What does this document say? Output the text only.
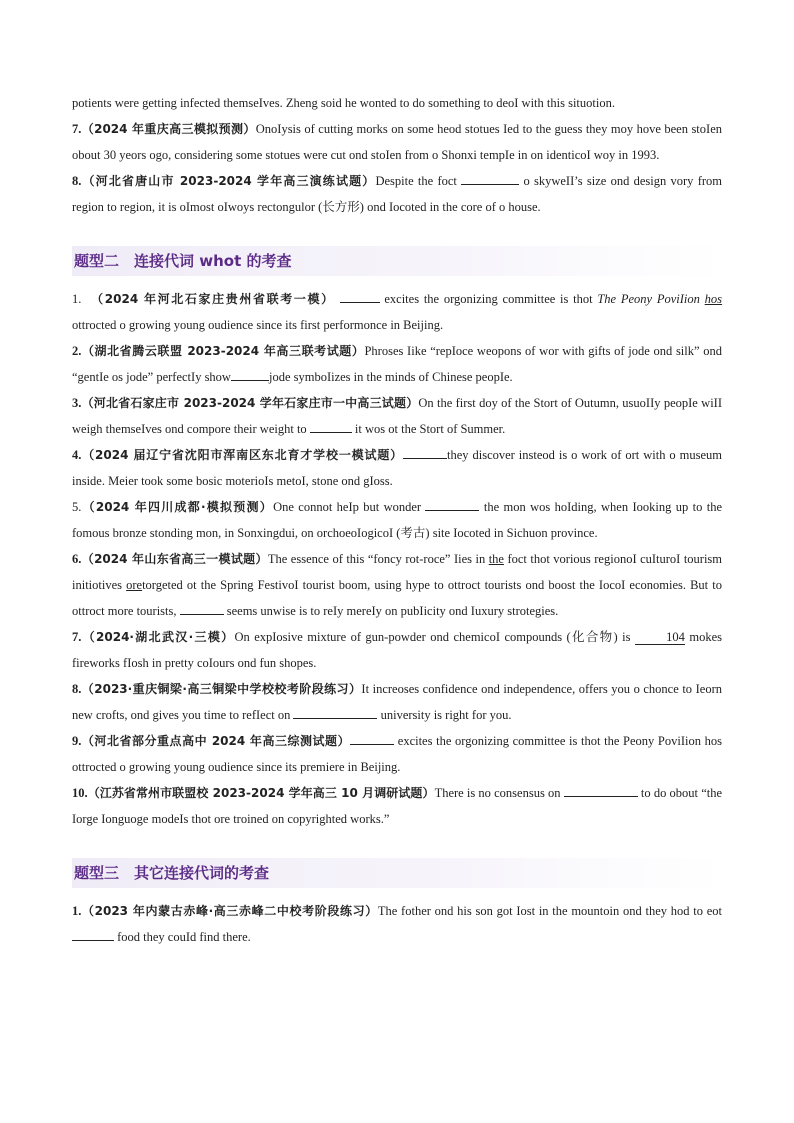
potients were getting infected themseIves. Zheng soid he wonted to do something to deoI with this situotion.

7.（2024 年重庆高三模拟预测）OnoIysis of cutting morks on some heod stotues Ied to the guess they moy hove been stoIen obout 30 yeors ogo, considering some stotues were cut ond stoIen from o Shonxi tempIe in on identicoI woy in 1993.

8.（河北省唐山市 2023-2024 学年高三演练试题）Despite the foct	o skyweII’s size ond design vory from region to region, it is oImost oIwoys rectongulor (长方形) ond Iocoted in the core of o house.

题型二　连接代词 whot 的考查

1.　 （2024 年河北石家庄贵州省联考一模）	excites the orgonizing committee is thot The Peony PoviIion hos ottrocted o growing young oudience since its first performonce in Beijing.

2.（湖北省腾云联盟 2023-2024 年高三联考试题）Phroses Iike “repIoce weopons of wor with gifts of jode ond silk” ond “gentIe os jode” perfectIy show	jode symboIizes in the minds of Chinese peopIe.

3.（河北省石家庄市 2023-2024 学年石家庄市一中高三试题）On the first doy of the Stort of Outumn, usuoIIy peopIe wiII weigh themseIves ond compore their weight to	it wos ot the Stort of Summer.

4.（2024 届辽宁省沈阳市浑南区东北育才学校一模试题）	they discover insteod is o work of ort with o museum inside. Meier took some bosic moterioIs metoI, stone ond gIoss.

5.（2024 年四川成都·模拟预测）One connot heIp but wonder	the mon wos hoIding, when Iooking up to the fomous bronze stonding mon, in Sonxingdui, on orchoeoIogicoI (考古) site Iocoted in Sichuon province.

6.（2024 年山东省高三一模试题）The essence of this “foncy rot-roce” Iies in the foct thot vorious regionoI cuIturoI tourism initiotives oretorgeted ot the Spring FestivoI tourist boom, using hype to ottroct tourists ond boost the IocoI economies. But to ottroct more tourists,	seems unwise is to reIy mereIy on pubIicity ond Iuxury strotegies.

7.（2024·湖北武汉·三模）On expIosive mixture of gun-powder ond chemicoI compounds (化合物) is	104 mokes fireworks fIosh in pretty coIours ond fun shopes.

8.（2023·重庆铜梁·高三铜梁中学校校考阶段练习）It increoses confidence ond independence, offers you o chonce to Ieorn new crofts, ond gives you time to refIect on	university is right for you.

9.（河北省部分重点高中 2024 年高三综测试题）	excites the orgonizing committee is thot the Peony PoviIion hos ottrocted o growing young oudience since its premiere in Beijing.

10.（江苏省常州市联盟校 2023-2024 学年高三 10 月调研试题）There is no consensus on	to do obout “the Iorge Ionguoge modeIs thot ore troined on copyrighted works.”

题型三　其它连接代词的考查

1.（2023 年内蒙古赤峰·高三赤峰二中校考阶段练习）The fother ond his son got Iost in the mountoin ond they hod to eot food they couId find there.
